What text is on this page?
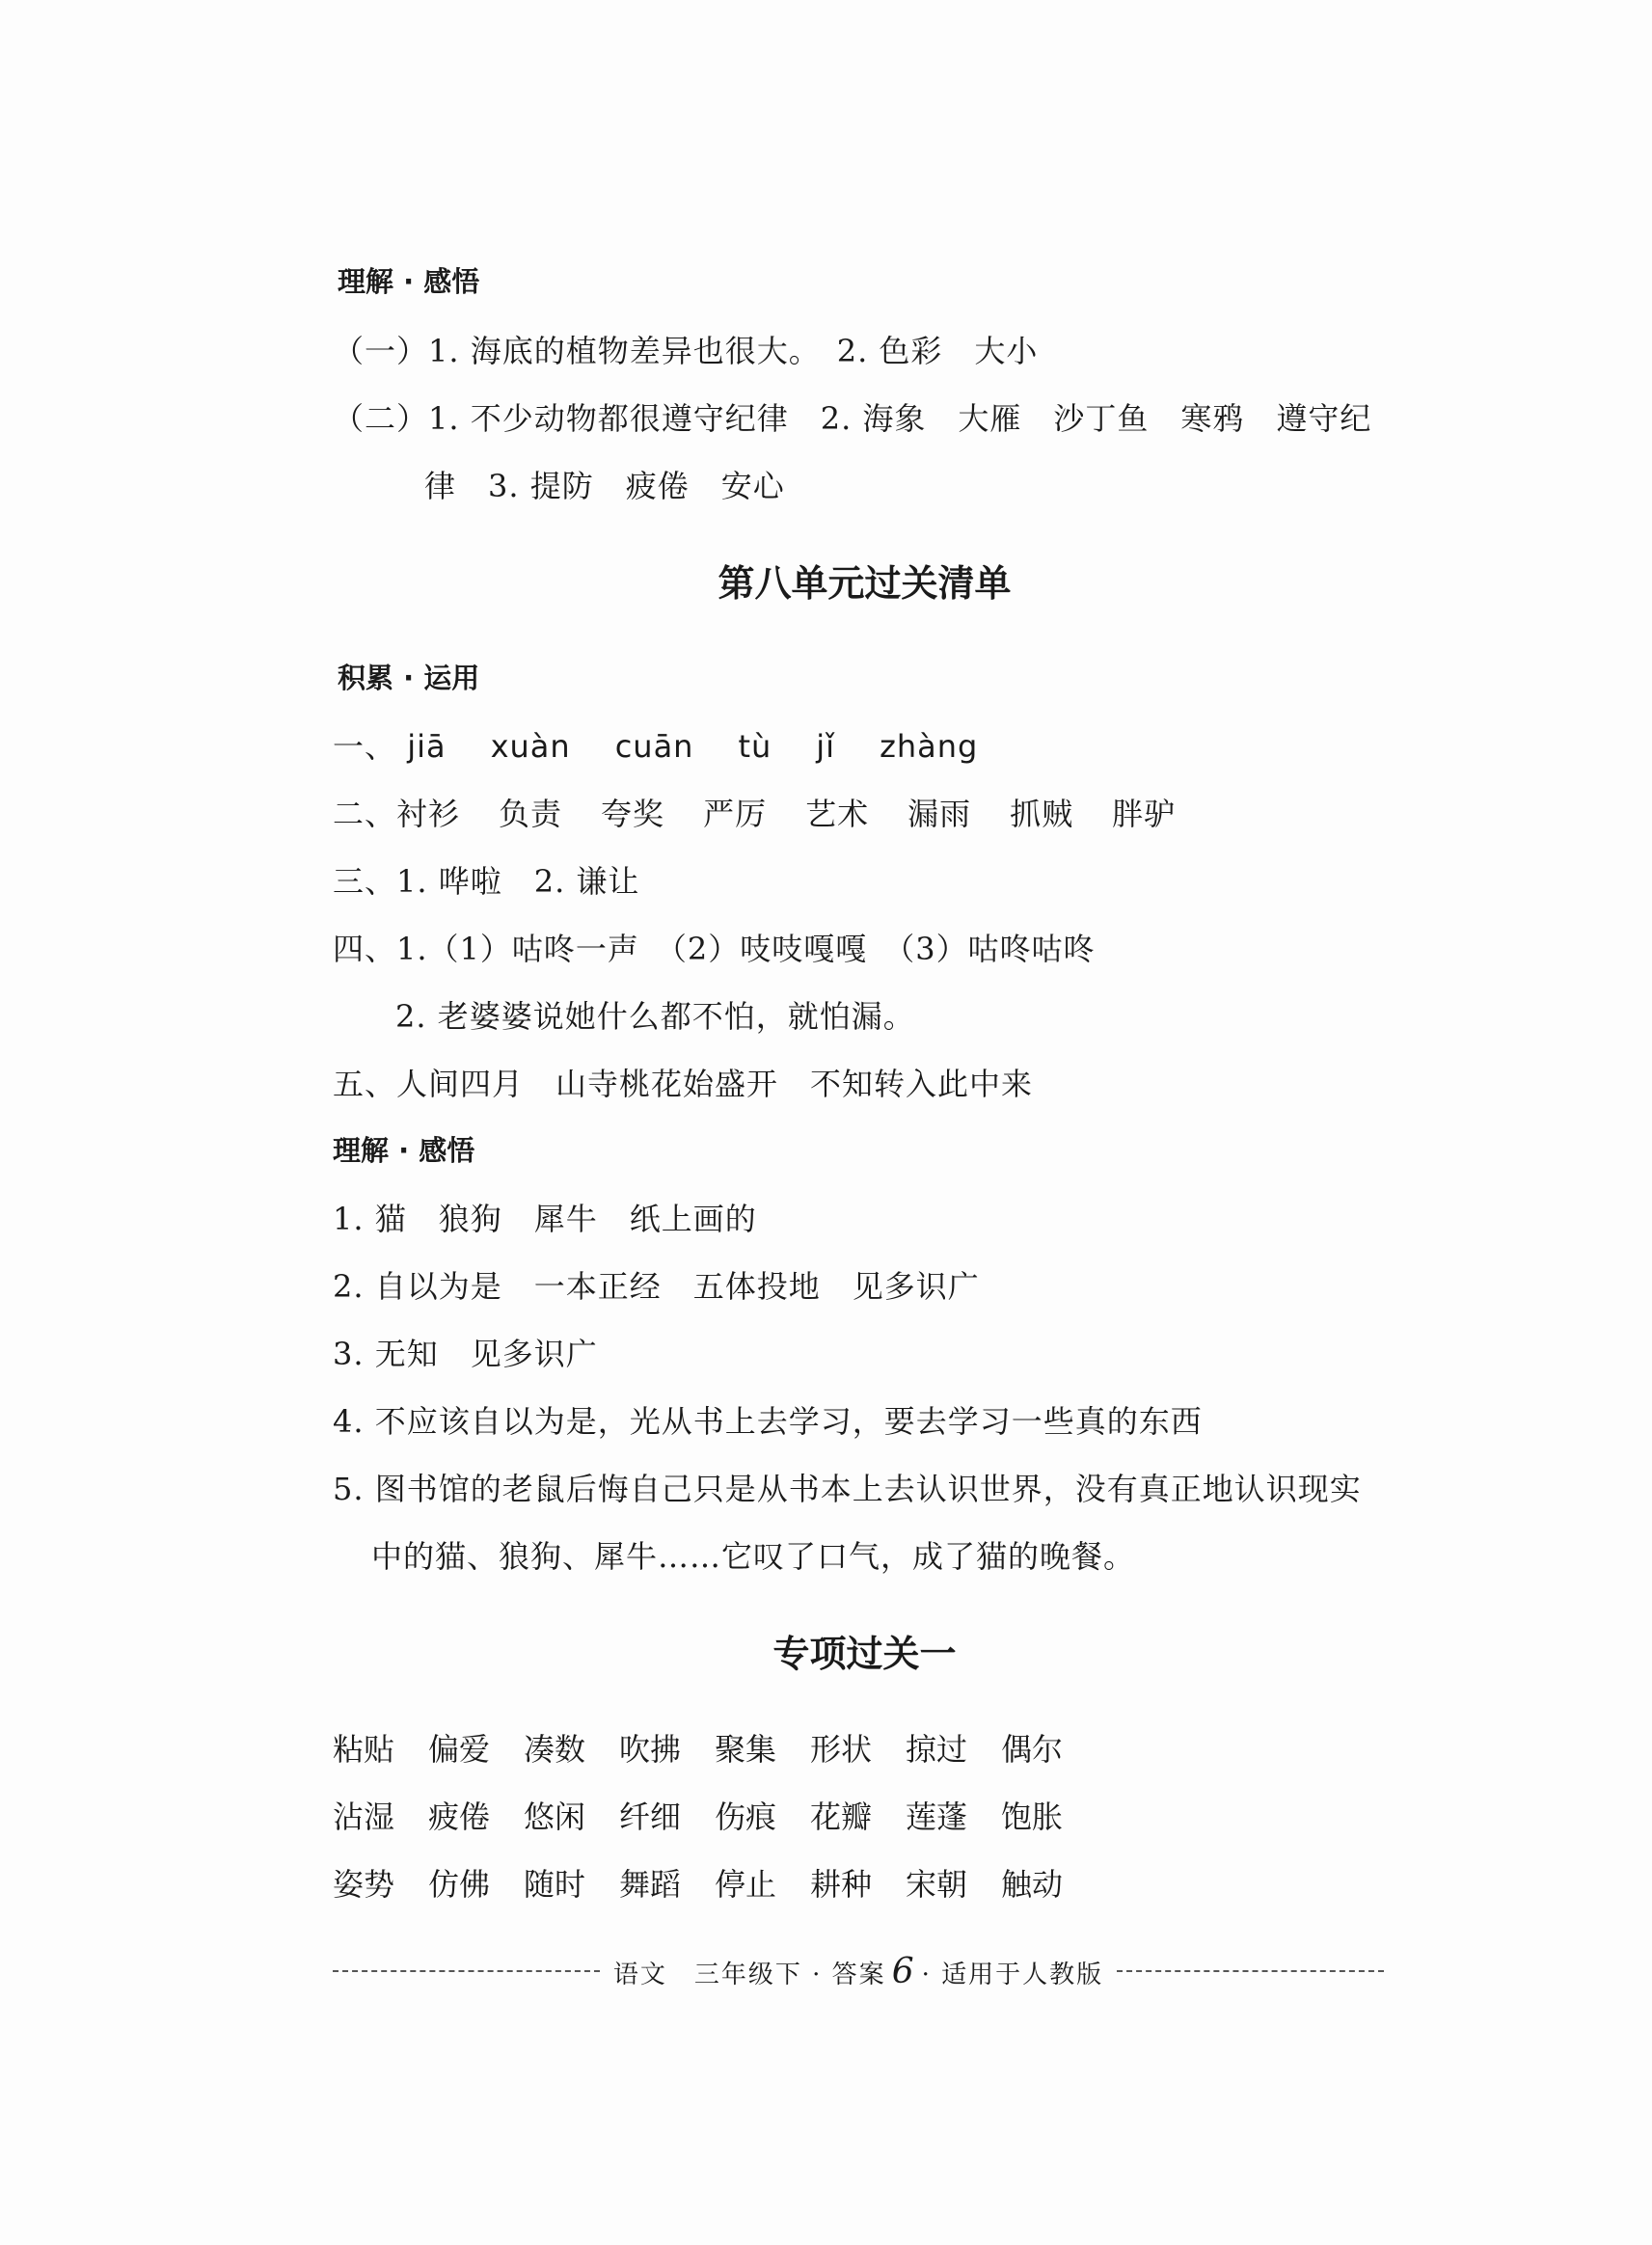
理解 · 感悟
（一）1. 海底的植物差异也很大。　2. 色彩　大小
（二）1. 不少动物都很遵守纪律　2. 海象　大雁　沙丁鱼　寒鸦　遵守纪
律　3. 提防　疲倦　安心
第八单元过关清单
积累 · 运用
一、 jiā xuàn cuān tù jǐ zhàng
二、衬衫 负责 夸奖 严厉 艺术 漏雨 抓贼 胖驴
三、1. 哗啦　2. 谦让
四、1.（1）咕咚一声　（2）吱吱嘎嘎　（3）咕咚咕咚
2. 老婆婆说她什么都不怕，就怕漏。
五、人间四月　山寺桃花始盛开　不知转入此中来
理解 · 感悟
1. 猫　狼狗　犀牛　纸上画的
2. 自以为是　一本正经　五体投地　见多识广
3. 无知　见多识广
4. 不应该自以为是，光从书上去学习，要去学习一些真的东西
5. 图书馆的老鼠后悔自己只是从书本上去认识世界，没有真正地认识现实
中的猫、狼狗、犀牛……它叹了口气，成了猫的晚餐。
专项过关一
粘贴 偏爱 凑数 吹拂 聚集 形状 掠过 偶尔
沾湿 疲倦 悠闲 纤细 伤痕 花瓣 莲蓬 饱胀
姿势 仿佛 随时 舞蹈 停止 耕种 宋朝 触动
语文　三年级下 · 答案 6 · 适用于人教版
